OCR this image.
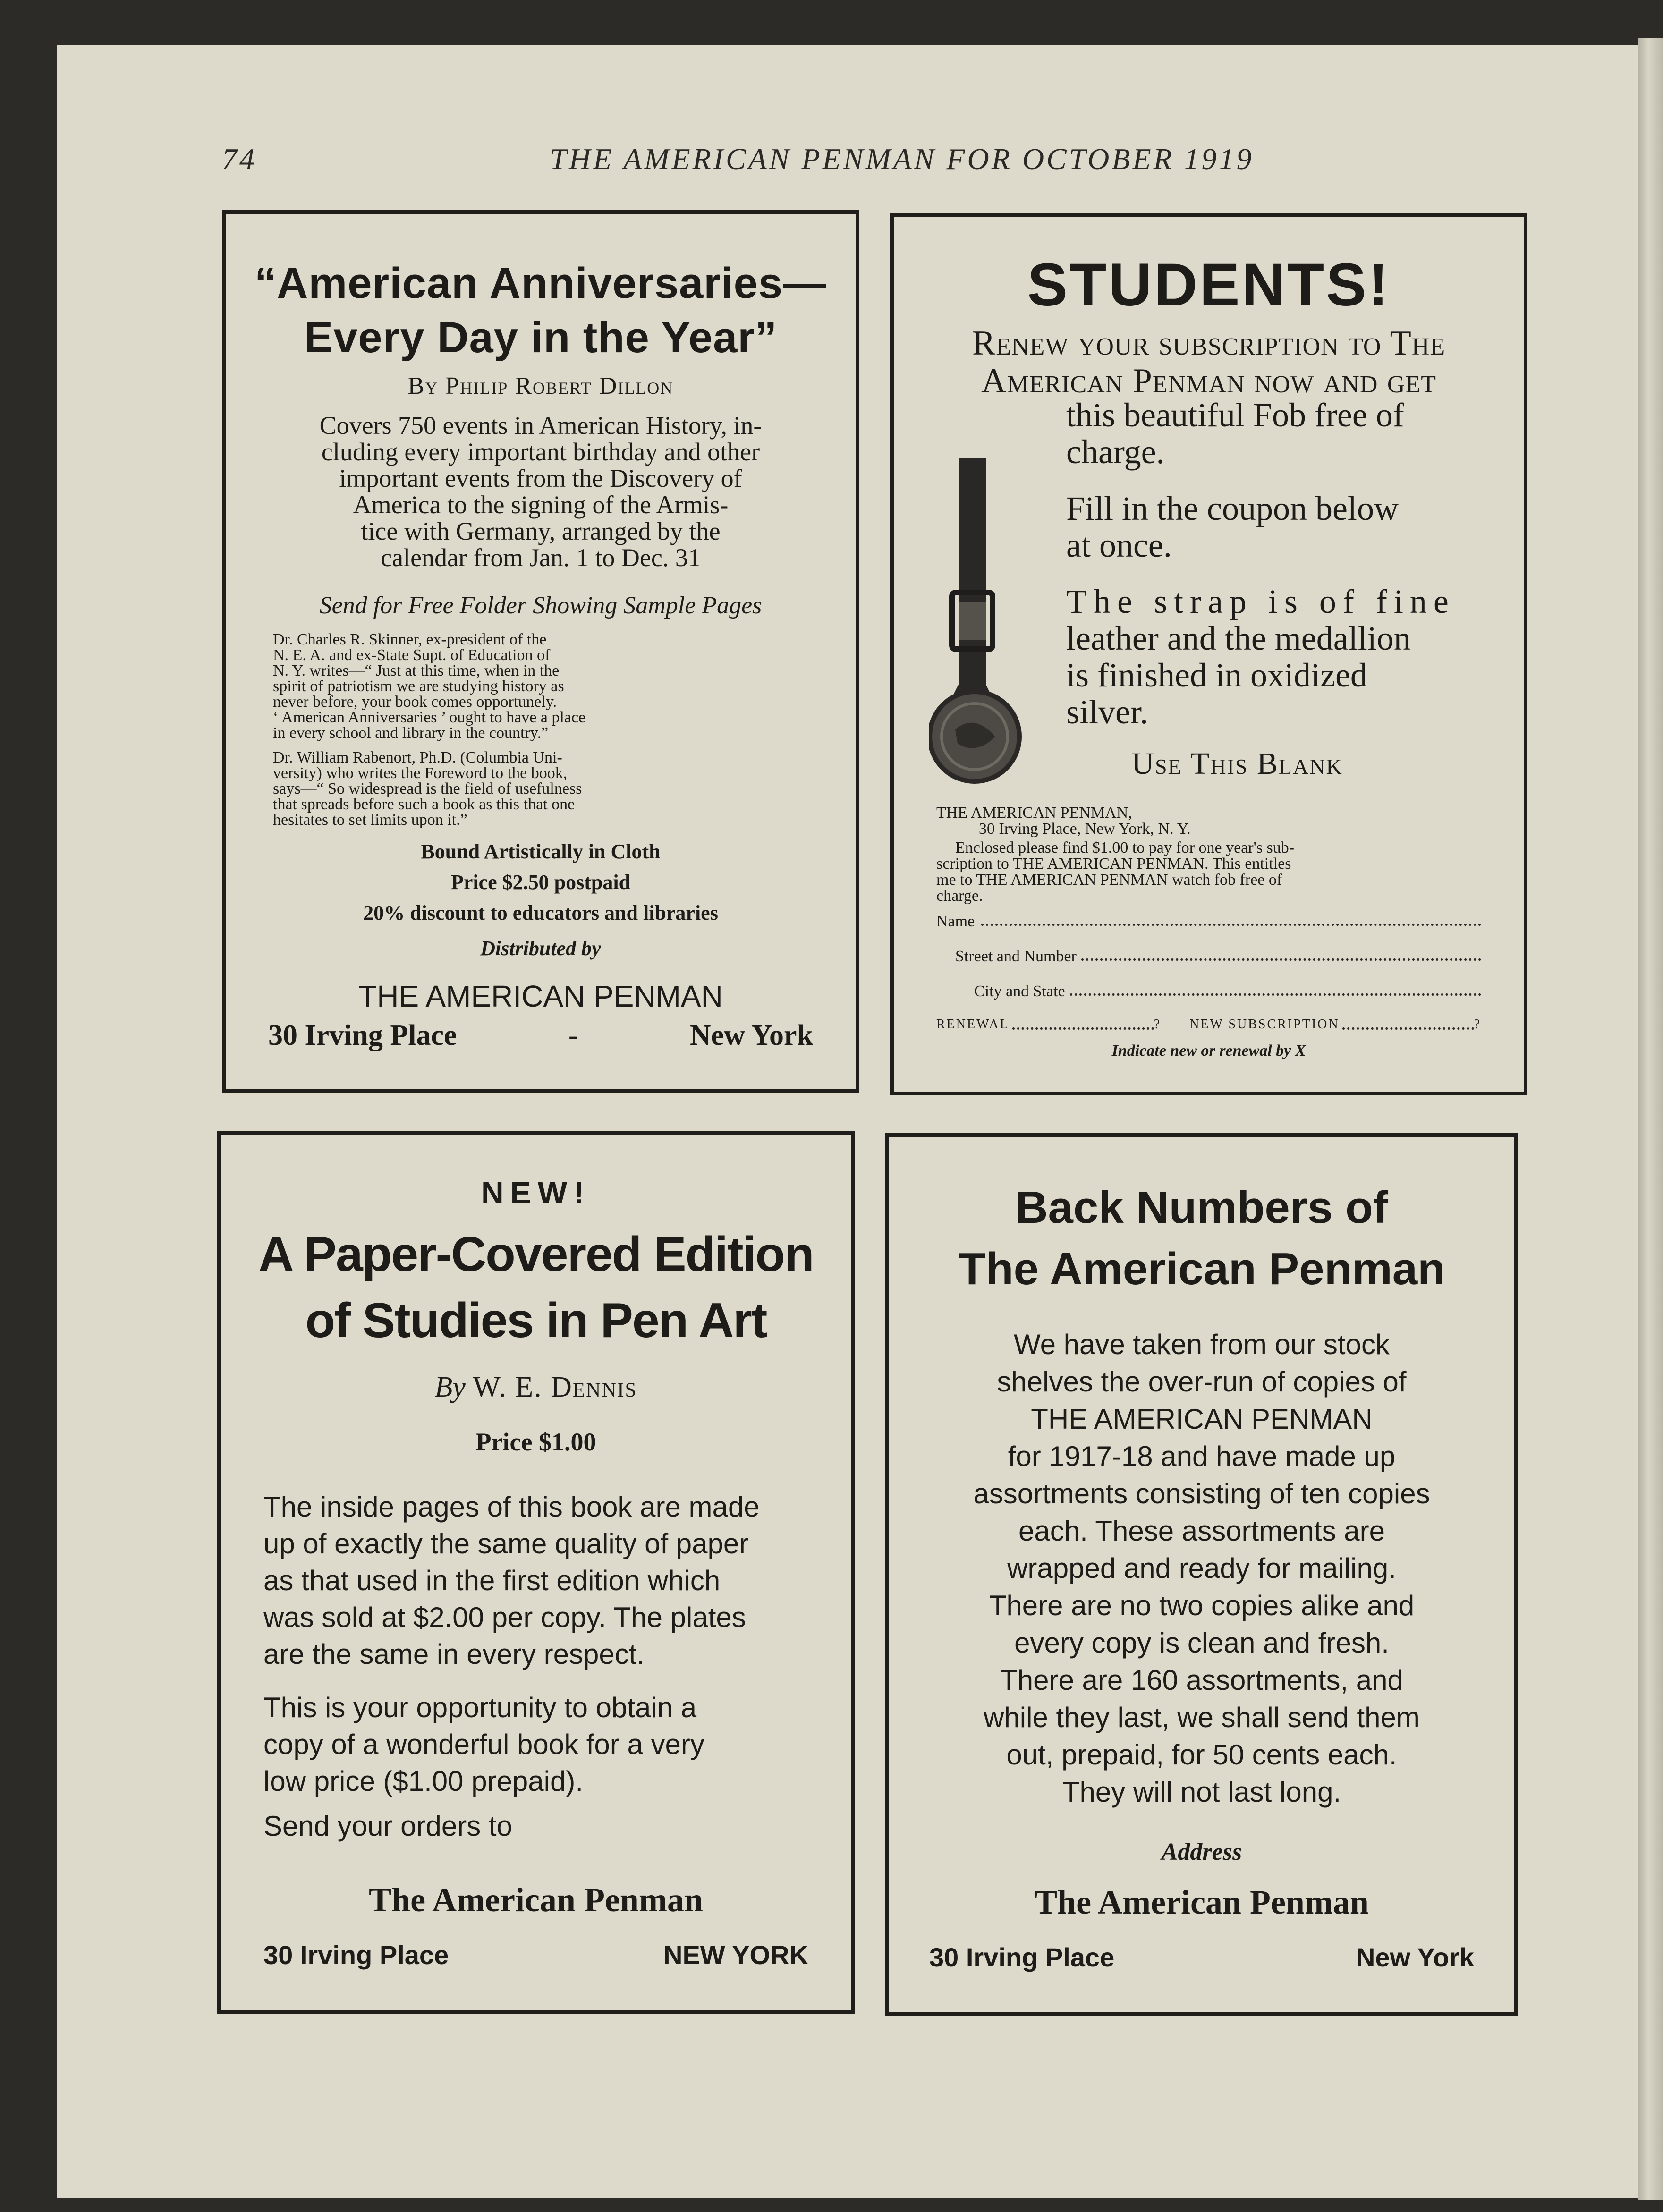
74	THE AMERICAN PENMAN FOR OCTOBER 1919
“American Anniversaries—
Every Day in the Year”
By Philip Robert Dillon
Covers 750 events in American History, in-
cluding every important birthday and other
important events from the Discovery of
America to the signing of the Armis-
tice with Germany, arranged by the
calendar from Jan. 1 to Dec. 31
Send for Free Folder Showing Sample Pages
Dr. Charles R. Skinner, ex-president of the
N. E. A. and ex-State Supt. of Education of
N. Y. writes—“ Just at this time, when in the
spirit of patriotism we are studying history as
never before, your book comes opportunely.
‘ American Anniversaries ’ ought to have a place
in every school and library in the country.”
Dr. William Rabenort, Ph.D. (Columbia Uni-
versity) who writes the Foreword to the book,
says—“ So widespread is the field of usefulness
that spreads before such a book as this that one
hesitates to set limits upon it.”
Bound Artistically in Cloth
Price $2.50 postpaid
20% discount to educators and libraries
Distributed by
THE AMERICAN PENMAN
30 Irving Place	-	New York
STUDENTS!
Renew your subscription to The
American Penman now and get
this beautiful Fob free of
charge.
Fill in the coupon below
at once.
The strap is of fine
leather and the medallion
is finished in oxidized
silver.
Use This Blank
THE AMERICAN PENMAN,
30 Irving Place, New York, N. Y.
Enclosed please find $1.00 to pay for one year's sub-
scription to THE AMERICAN PENMAN. This entitles
me to THE AMERICAN PENMAN watch fob free of
charge.
Name
Street and Number
City and State
RENEWAL	? NEW SUBSCRIPTION	?
Indicate new or renewal by X
NEW!
A Paper-Covered Edition
of Studies in Pen Art
By W. E. Dennis
Price $1.00
The inside pages of this book are made
up of exactly the same quality of paper
as that used in the first edition which
was sold at $2.00 per copy. The plates
are the same in every respect.
This is your opportunity to obtain a
copy of a wonderful book for a very
low price ($1.00 prepaid).
Send your orders to
The American Penman
30 Irving Place	NEW YORK
Back Numbers of
The American Penman
We have taken from our stock
shelves the over-run of copies of
THE AMERICAN PENMAN
for 1917-18 and have made up
assortments consisting of ten copies
each. These assortments are
wrapped and ready for mailing.
There are no two copies alike and
every copy is clean and fresh.
There are 160 assortments, and
while they last, we shall send them
out, prepaid, for 50 cents each.
They will not last long.
Address
The American Penman
30 Irving Place	New York
